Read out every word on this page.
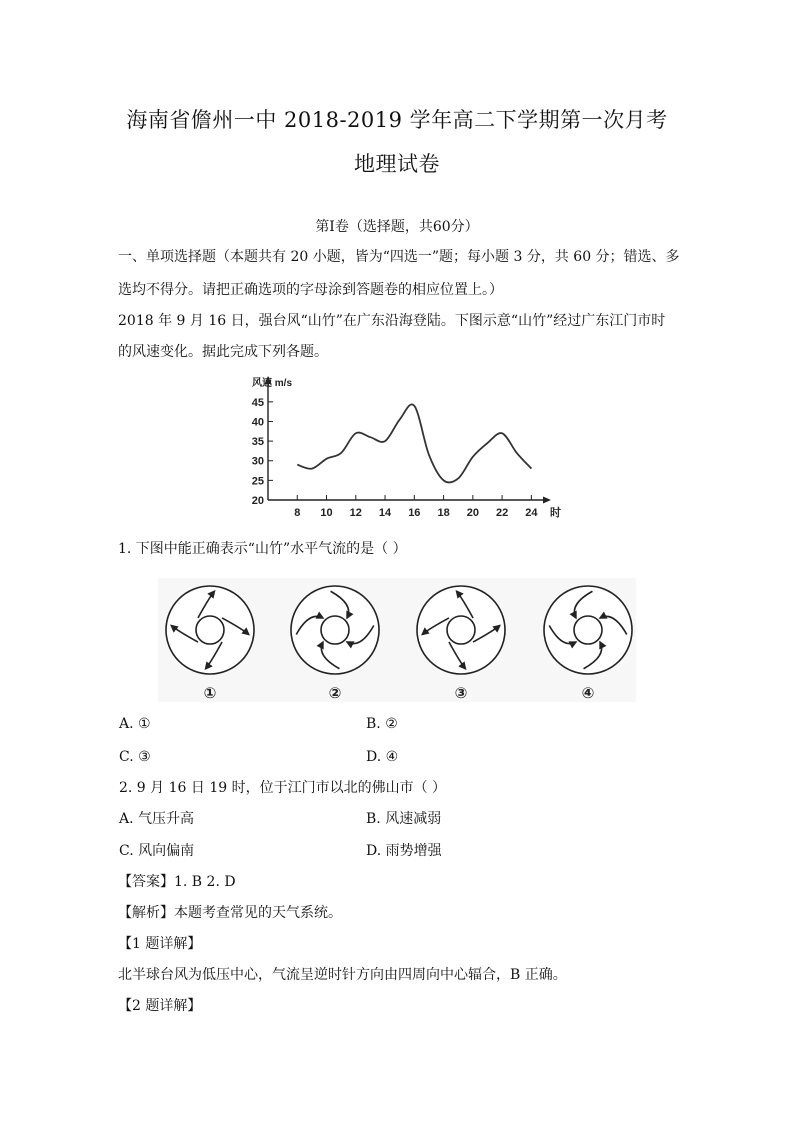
海南省儋州一中 2018-2019 学年高二下学期第一次月考
地理试卷
第Ⅰ卷（选择题，共60分）
一、单项选择题（本题共有 20 小题，皆为“四选一”题；每小题 3 分，共 60 分；错选、多
选均不得分。请把正确选项的字母涂到答题卷的相应位置上。）
2018 年 9 月 16 日，强台风“山竹”在广东沿海登陆。下图示意“山竹”经过广东江门市时
的风速变化。据此完成下列各题。
20
25
30
35
40
45
8 10 12 14 16 18 20 22 24
风速 m/s
时
1. 下图中能正确表示“山竹”水平气流的是（ ）
①	②	③	④
A. ①	B. ②
C. ③	D. ④
2. 9 月 16 日 19 时，位于江门市以北的佛山市（ ）
A. 气压升高	B. 风速减弱
C. 风向偏南	D. 雨势增强
【答案】1. B 2. D
【解析】本题考查常见的天气系统。
【1 题详解】
北半球台风为低压中心，气流呈逆时针方向由四周向中心辐合，B 正确。
【2 题详解】
